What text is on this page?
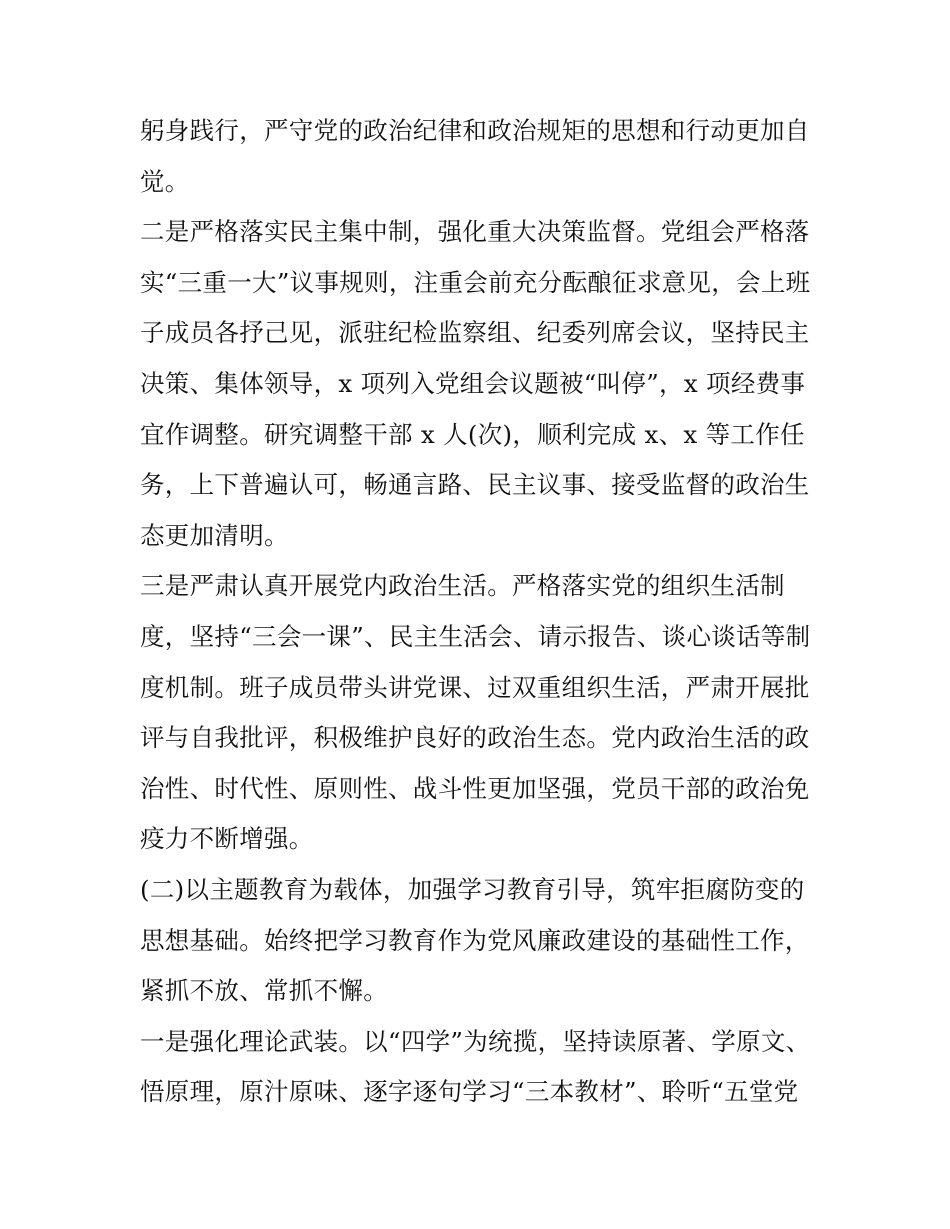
躬身践行，严守党的政治纪律和政治规矩的思想和行动更加自
觉。
二是严格落实民主集中制，强化重大决策监督。党组会严格落
实“三重一大”议事规则，注重会前充分酝酿征求意见，会上班
子成员各抒己见，派驻纪检监察组、纪委列席会议，坚持民主
决策、集体领导，x 项列入党组会议题被“叫停”，x 项经费事
宜作调整。研究调整干部 x 人(次)，顺利完成 x、x 等工作任
务，上下普遍认可，畅通言路、民主议事、接受监督的政治生
态更加清明。
三是严肃认真开展党内政治生活。严格落实党的组织生活制
度，坚持“三会一课”、民主生活会、请示报告、谈心谈话等制
度机制。班子成员带头讲党课、过双重组织生活，严肃开展批
评与自我批评，积极维护良好的政治生态。党内政治生活的政
治性、时代性、原则性、战斗性更加坚强，党员干部的政治免
疫力不断增强。
(二)以主题教育为载体，加强学习教育引导，筑牢拒腐防变的
思想基础。始终把学习教育作为党风廉政建设的基础性工作，
紧抓不放、常抓不懈。
一是强化理论武装。以“四学”为统揽，坚持读原著、学原文、
悟原理，原汁原味、逐字逐句学习“三本教材”、聆听“五堂党
